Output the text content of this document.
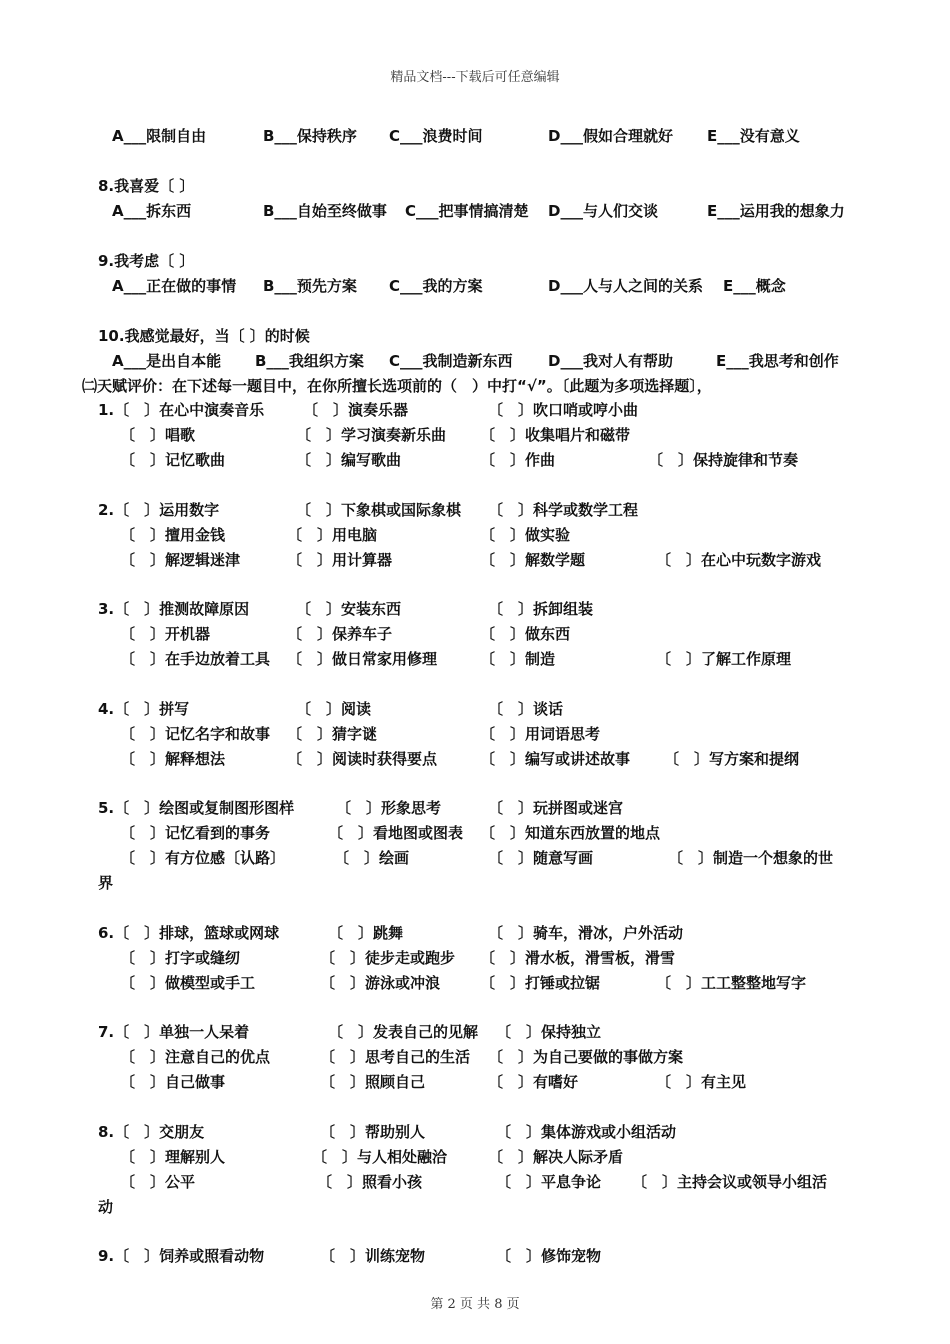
精品文档---下载后可任意编辑
A___限制自由	B___保持秩序 C___浪费时间	D___假如合理就好 E___没有意义
8.我喜爱〔 〕
A___拆东西	B___自始至终做事 C___把事情搞清楚 D___与人们交谈	E___运用我的想象力
9.我考虑〔 〕
A___正在做的事情 B___预先方案 C___我的方案	D___人与人之间的关系 E___概念
10.我感觉最好，当〔 〕的时候
A___是出自本能 B___我组织方案 C___我制造新东西 D___我对人有帮助	E___我思考和创作
㈡天赋评价：在下述每一题目中，在你所擅长选项前的（　）中打“√”。〔此题为多项选择题〕，
1.〔　〕在心中演奏音乐	〔　〕演奏乐器	〔　〕吹口哨或哼小曲
〔　〕唱歌	〔　〕学习演奏新乐曲 〔　〕收集唱片和磁带
〔　〕记忆歌曲	〔　〕编写歌曲	〔　〕作曲	〔　〕保持旋律和节奏
2.〔　〕运用数字	〔　〕下象棋或国际象棋 〔　〕科学或数学工程
〔　〕擅用金钱	〔　〕用电脑	〔　〕做实验
〔　〕解逻辑迷津	〔　〕用计算器	〔　〕解数学题	〔　〕在心中玩数字游戏
3.〔　〕推测故障原因	〔　〕安装东西	〔　〕拆卸组装
〔　〕开机器	〔　〕保养车子	〔　〕做东西
〔　〕在手边放着工具 〔　〕做日常家用修理	〔　〕制造	〔　〕了解工作原理
4.〔　〕拼写	〔　〕阅读	〔　〕谈话
〔　〕记忆名字和故事 〔　〕猜字谜	〔　〕用词语思考
〔　〕解释想法	〔　〕阅读时获得要点	〔　〕编写或讲述故事 〔　〕写方案和提纲
5.〔　〕绘图或复制图形图样	〔　〕形象思考	〔　〕玩拼图或迷宫
〔　〕记忆看到的事务	〔　〕看地图或图表 〔　〕知道东西放置的地点
〔　〕有方位感〔认路〕	〔　〕绘画	〔　〕随意写画	〔　〕制造一个想象的世
界
6.〔　〕排球，篮球或网球	〔　〕跳舞	〔　〕骑车，滑冰，户外活动
〔　〕打字或缝纫	〔　〕徒步走或跑步 〔　〕滑水板，滑雪板，滑雪
〔　〕做模型或手工	〔　〕游泳或冲浪	〔　〕打锤或拉锯	〔　〕工工整整地写字
7.〔　〕单独一人呆着	〔　〕发表自己的见解 〔　〕保持独立
〔　〕注意自己的优点	〔　〕思考自己的生活 〔　〕为自己要做的事做方案
〔　〕自己做事	〔　〕照顾自己	〔　〕有嗜好	〔　〕有主见
8.〔　〕交朋友	〔　〕帮助别人	〔　〕集体游戏或小组活动
〔　〕理解别人	〔　〕与人相处融洽	〔　〕解决人际矛盾
〔　〕公平	〔　〕照看小孩	〔　〕平息争论 〔　〕主持会议或领导小组活
动
9.〔　〕饲养或照看动物	〔　〕训练宠物	〔　〕修饰宠物
第 2 页 共 8 页
